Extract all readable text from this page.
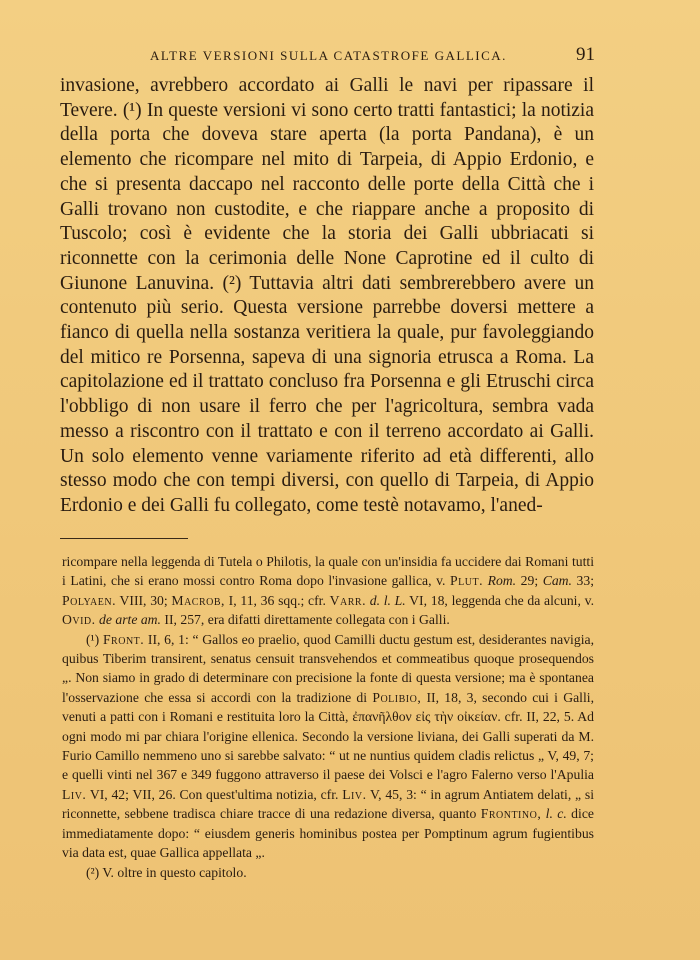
ALTRE VERSIONI SULLA CATASTROFE GALLICA.	91

invasione, avrebbero accordato ai Galli le navi per ripassare il Tevere. (¹) In queste versioni vi sono certo tratti fantastici; la notizia della porta che doveva stare aperta (la porta Pandana), è un elemento che ricompare nel mito di Tarpeia, di Appio Erdonio, e che si presenta daccapo nel racconto delle porte della Città che i Galli trovano non custodite, e che riappare anche a proposito di Tuscolo; così è evidente che la storia dei Galli ubbriacati si riconnette con la cerimonia delle None Caprotine ed il culto di Giunone Lanuvina. (²) Tuttavia altri dati sembrerebbero avere un contenuto più serio. Questa versione parrebbe doversi mettere a fianco di quella nella sostanza veritiera la quale, pur favoleggiando del mitico re Porsenna, sapeva di una signoria etrusca a Roma. La capitolazione ed il trattato concluso fra Porsenna e gli Etruschi circa l'obbligo di non usare il ferro che per l'agricoltura, sembra vada messo a riscontro con il trattato e con il terreno accordato ai Galli. Un solo elemento venne variamente riferito ad età differenti, allo stesso modo che con tempi diversi, con quello di Tarpeia, di Appio Erdonio e dei Galli fu collegato, come testè notavamo, l'aned-

ricompare nella leggenda di Tutela o Philotis, la quale con un'insidia fa uccidere dai Romani tutti i Latini, che si erano mossi contro Roma dopo l'invasione gallica, v. Plut. Rom. 29; Cam. 33; Polyaen. VIII, 30; Macrob, I, 11, 36 sqq.; cfr. Varr. d. l. L. VI, 18, leggenda che da alcuni, v. Ovid. de arte am. II, 257, era difatti direttamente collegata con i Galli.

(¹) Front. II, 6, 1: “ Gallos eo praelio, quod Camilli ductu gestum est, desiderantes navigia, quibus Tiberim transirent, senatus censuit transvehendos et commeatibus quoque prosequendos „. Non siamo in grado di determinare con precisione la fonte di questa versione; ma è spontanea l'osservazione che essa si accordi con la tradizione di Polibio, II, 18, 3, secondo cui i Galli, venuti a patti con i Romani e restituita loro la Città, ἐπανῆλθον εἰς τὴν οἰκείαν. cfr. II, 22, 5. Ad ogni modo mi par chiara l'origine ellenica. Secondo la versione liviana, dei Galli superati da M. Furio Camillo nemmeno uno si sarebbe salvato: “ ut ne nuntius quidem cladis relictus „ V, 49, 7; e quelli vinti nel 367 e 349 fuggono attraverso il paese dei Volsci e l'agro Falerno verso l'Apulia Liv. VI, 42; VII, 26. Con quest'ultima notizia, cfr. Liv. V, 45, 3: “ in agrum Antiatem delati, „ si riconnette, sebbene tradisca chiare tracce di una redazione diversa, quanto Frontino, l. c. dice immediatamente dopo: “ eiusdem generis hominibus postea per Pomptinum agrum fugientibus via data est, quae Gallica appellata „.

(²) V. oltre in questo capitolo.
